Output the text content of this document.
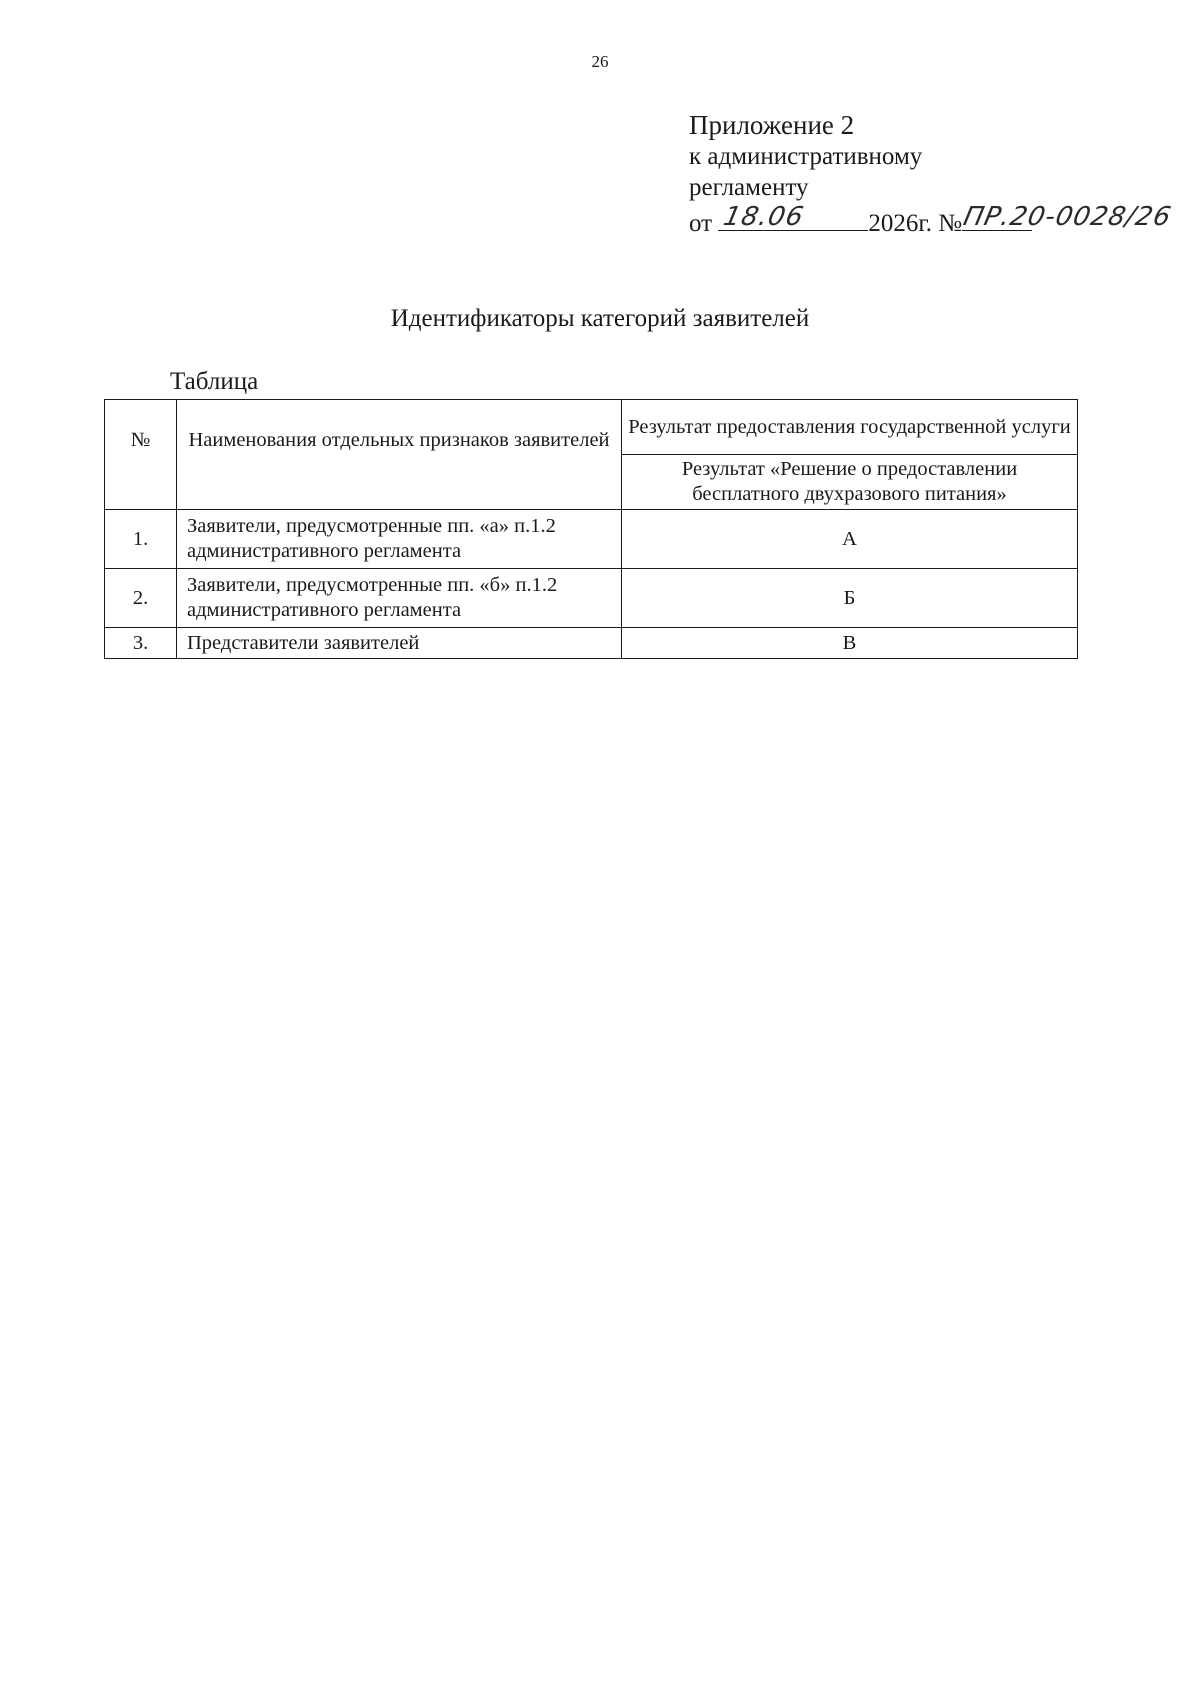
26
Приложение 2
к административному
регламенту
от 18.06 2026г. №
ПР.20-0028/26
Идентификаторы категорий заявителей
Таблица
№	Наименования отдельных признаков заявителей	Результат предоставления государственной услуги
		Результат «Решение о предоставлении бесплатного двухразового питания»
1.	Заявители, предусмотренные пп. «а» п.1.2 административного регламента	А
2.	Заявители, предусмотренные пп. «б» п.1.2 административного регламента	Б
3.	Представители заявителей	В
